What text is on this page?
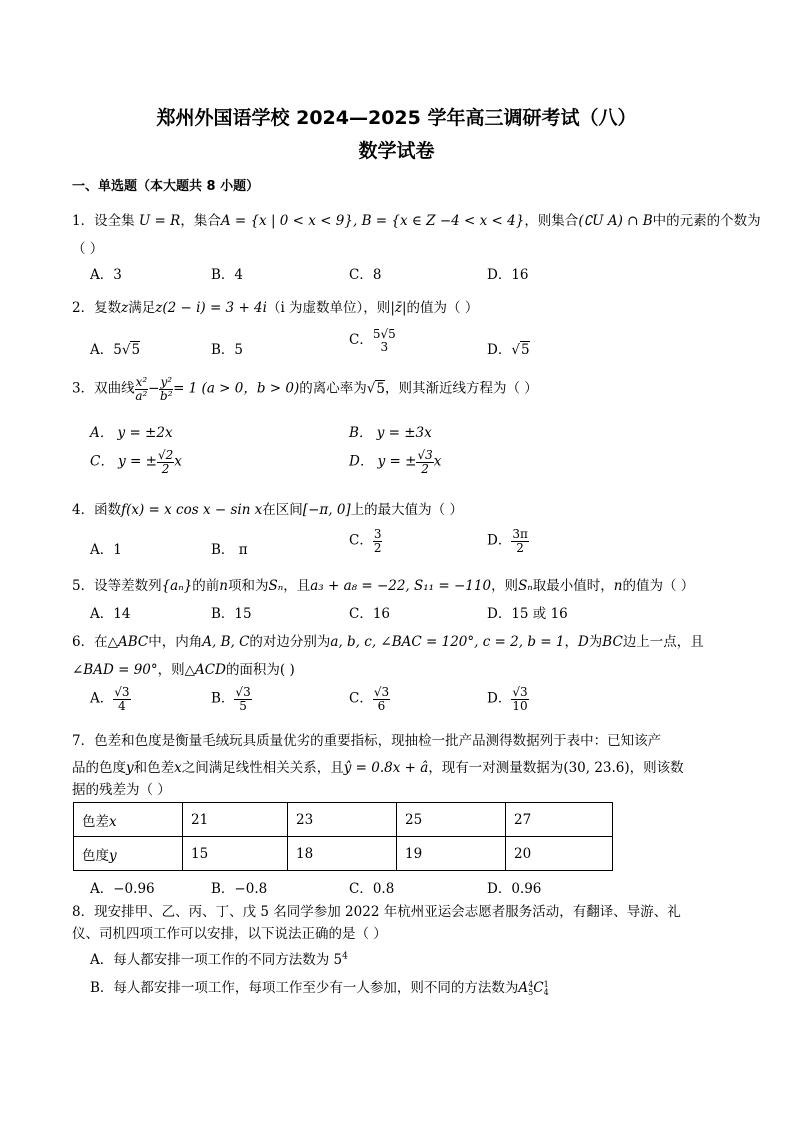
郑州外国语学校 2024—2025 学年高三调研考试（八）
数学试卷
一、单选题（本大题共 8 小题）
1．设全集 U = R，集合A = {x | 0 < x < 9}, B = {x ∈ Z −4 < x < 4}，则集合(∁U A) ∩ B中的元素的个数为
（ ）
A．3	B．4	C．8	D．16
2．复数z满足z(2 − i) = 3 + 4i（i 为虚数单位），则|z̄|的值为（ ）
A．5√5	B．5
C． 5√5
3	D．√5
3．双曲线 $\frac{\text{x²}}{\text{a²}} - \frac{\text{y²}}{\text{b²}} = 1$ (a > 0，b > 0)的离心率为√5，则其渐近线方程为（ ）
A． y = ±2x	B． y = ±3x
C． y = ± $\frac{√2}{2}$ x	D． y = ± $\frac{√3}{2}$ x
4．函数f(x) = x cos x − sin x在区间[−π, 0]上的最大值为（ ）
A．1	B． π
C． $\frac{3}{2}$	D． $\frac{3\pi}{2}$
5．设等差数列{aₙ}的前n项和为Sₙ，且a₃ + a₈ = −22, S₁₁ = −110，则Sₙ取最小值时，n的值为（ ）
A．14	B．15	C．16	D．15 或 16
6．在△ABC中，内角A, B, C的对边分别为a, b, c, ∠BAC = 120°, c = 2, b = 1，D为BC边上一点，且
∠BAD = 90°，则△ACD的面积为( )
A． $\frac{√3}{4}$	B． $\frac{√3}{5}$	C． $\frac{√3}{6}$	D． $\frac{√3}{10}$
7．色差和色度是衡量毛绒玩具质量优劣的重要指标，现抽检一批产品测得数据列于表中：已知该产
品的色度y和色差x之间满足线性相关关系，且ŷ = 0.8x + â，现有一对测量数据为(30, 23.6)，则该数
据的残差为（ ）
色差x	21	23	25	27
色度y	15	18	19	20
A．−0.96	B．−0.8	C．0.8	D．0.96
8．现安排甲、乙、丙、丁、戊 5 名同学参加 2022 年杭州亚运会志愿者服务活动，有翻译、导游、礼
仪、司机四项工作可以安排，以下说法正确的是（ ）
A．每人都安排一项工作的不同方法数为 $5^4$
B．每人都安排一项工作，每项工作至少有一人参加，则不同的方法数为A 4
5 C 1
4
